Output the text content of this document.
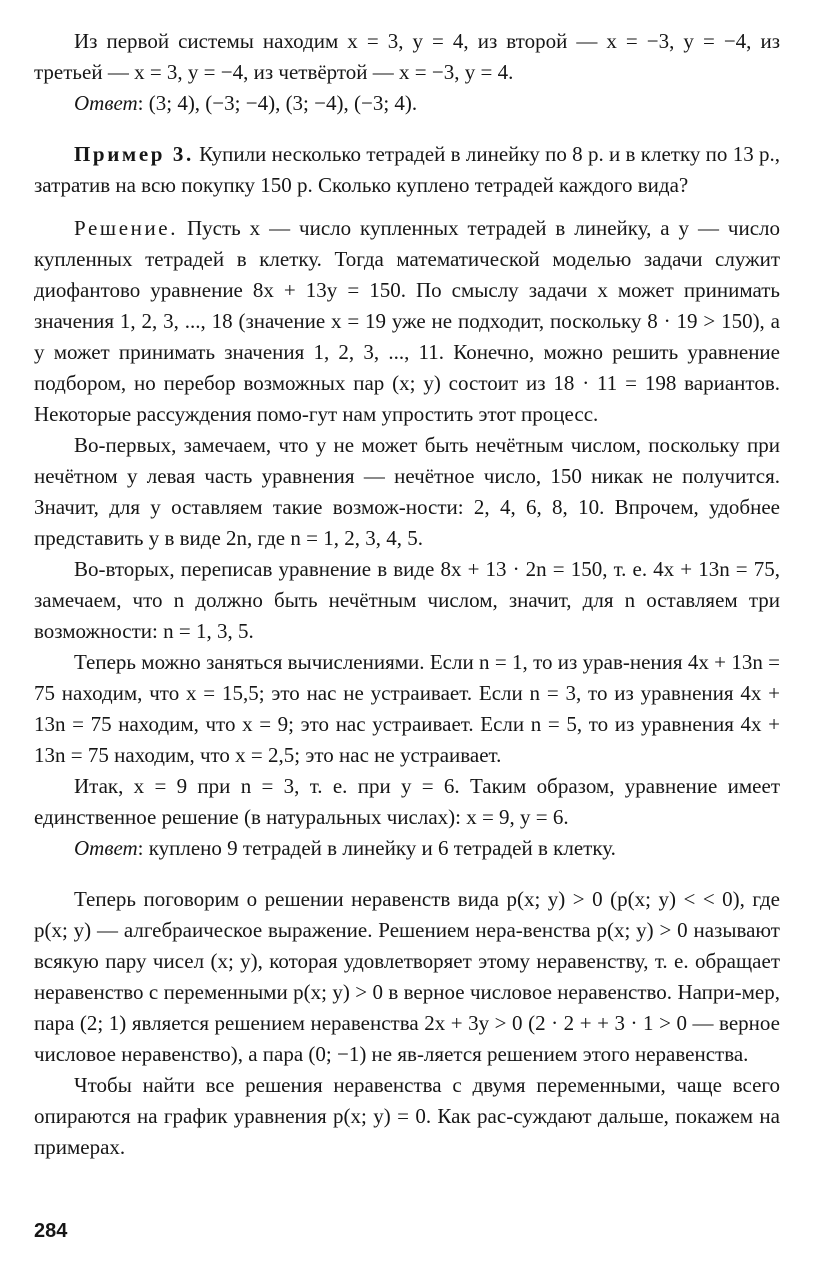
Из первой системы находим x = 3, y = 4, из второй — x = −3, y = −4, из третьей — x = 3, y = −4, из четвёртой — x = −3, y = 4.

Ответ: (3; 4), (−3; −4), (3; −4), (−3; 4).

Пример 3. Купили несколько тетрадей в линейку по 8 р. и в клетку по 13 р., затратив на всю покупку 150 р. Сколько куплено тетрадей каждого вида?

Решение. Пусть x — число купленных тетрадей в линейку, а y — число купленных тетрадей в клетку. Тогда математической моделью задачи служит диофантово уравнение 8x + 13y = 150. По смыслу задачи x может принимать значения 1, 2, 3, ..., 18 (значение x = 19 уже не подходит, поскольку 8 · 19 > 150), а y может принимать значения 1, 2, 3, ..., 11. Конечно, можно решить уравнение подбором, но перебор возможных пар (x; y) состоит из 18 · 11 = 198 вариантов. Некоторые рассуждения помо-гут нам упростить этот процесс.

Во-первых, замечаем, что y не может быть нечётным числом, поскольку при нечётном y левая часть уравнения — нечётное число, 150 никак не получится. Значит, для y оставляем такие возмож-ности: 2, 4, 6, 8, 10. Впрочем, удобнее представить y в виде 2n, где n = 1, 2, 3, 4, 5.

Во-вторых, переписав уравнение в виде 8x + 13 · 2n = 150, т. е. 4x + 13n = 75, замечаем, что n должно быть нечётным числом, значит, для n оставляем три возможности: n = 1, 3, 5.

Теперь можно заняться вычислениями. Если n = 1, то из урав-нения 4x + 13n = 75 находим, что x = 15,5; это нас не устраивает. Если n = 3, то из уравнения 4x + 13n = 75 находим, что x = 9; это нас устраивает. Если n = 5, то из уравнения 4x + 13n = 75 находим, что x = 2,5; это нас не устраивает.

Итак, x = 9 при n = 3, т. е. при y = 6. Таким образом, уравнение имеет единственное решение (в натуральных числах): x = 9, y = 6.

Ответ: куплено 9 тетрадей в линейку и 6 тетрадей в клетку.

Теперь поговорим о решении неравенств вида p(x; y) > 0 (p(x; y) < < 0), где p(x; y) — алгебраическое выражение. Решением нера-венства p(x; y) > 0 называют всякую пару чисел (x; y), которая удовлетворяет этому неравенству, т. е. обращает неравенство с переменными p(x; y) > 0 в верное числовое неравенство. Напри-мер, пара (2; 1) является решением неравенства 2x + 3y > 0 (2 · 2 + + 3 · 1 > 0 — верное числовое неравенство), а пара (0; −1) не яв-ляется решением этого неравенства.

Чтобы найти все решения неравенства с двумя переменными, чаще всего опираются на график уравнения p(x; y) = 0. Как рас-суждают дальше, покажем на примерах.

284
